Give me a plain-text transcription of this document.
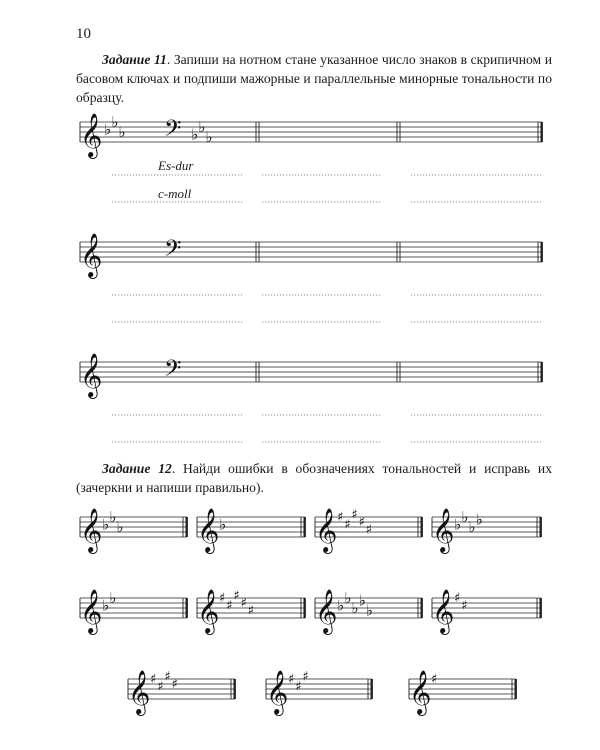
10
Задание 11. Запиши на нотном стане указанное число знаков в скрипичном и басовом ключах и подпиши мажорные и параллельные минорные тональности по образцу.
𝄞 ♭ ♭
♭ 𝄢 ♭ ♭
♭
𝄞 𝄢
𝄞 𝄢
𝄞 ♭ ♭
♭ 𝄞 ♭ 𝄞 ♯ ♯
♯ ♯ ♯ 𝄞 ♭ ♭
♭ ♭
𝄞 ♭ ♭ 𝄞 ♯ ♯
♯ ♯ ♯ 𝄞 ♭ ♭
♭ ♭
♭ 𝄞 ♯ ♯
𝄞 ♯ ♯
♯ ♯ 𝄞 ♯ ♯
♯	𝄞 ♯
Es-dur
c-moll
Задание 12. Найди ошибки в обозначениях тональностей и исправь их (зачеркни и напиши правильно).
